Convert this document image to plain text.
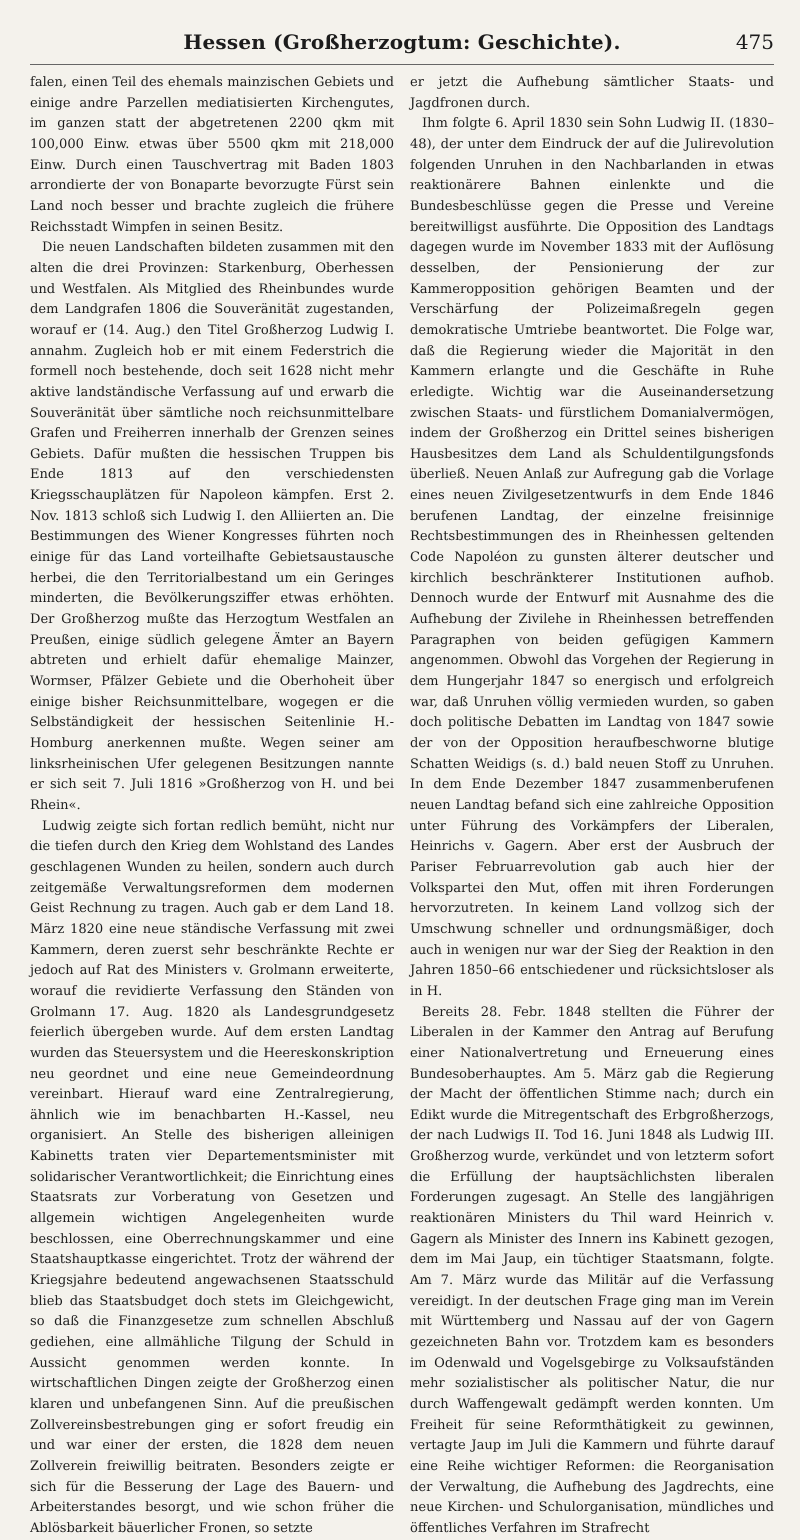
Hessen (Großherzogtum: Geschichte).	475

falen, einen Teil des ehemals mainzischen Gebiets und einige andre Parzellen mediatisierten Kirchengutes, im ganzen statt der abgetretenen 2200 qkm mit 100,000 Einw. etwas über 5500 qkm mit 218,000 Einw. Durch einen Tauschvertrag mit Baden 1803 arrondierte der von Bonaparte bevorzugte Fürst sein Land noch besser und brachte zugleich die frühere Reichsstadt Wimpfen in seinen Besitz.

Die neuen Landschaften bildeten zusammen mit den alten die drei Provinzen: Starkenburg, Oberhessen und Westfalen. Als Mitglied des Rheinbundes wurde dem Landgrafen 1806 die Souveränität zugestanden, worauf er (14. Aug.) den Titel Großherzog Ludwig I. annahm. Zugleich hob er mit einem Federstrich die formell noch bestehende, doch seit 1628 nicht mehr aktive landständische Verfassung auf und erwarb die Souveränität über sämtliche noch reichsunmittelbare Grafen und Freiherren innerhalb der Grenzen seines Gebiets. Dafür mußten die hessischen Truppen bis Ende 1813 auf den verschiedensten Kriegsschauplätzen für Napoleon kämpfen. Erst 2. Nov. 1813 schloß sich Ludwig I. den Alliierten an. Die Bestimmungen des Wiener Kongresses führten noch einige für das Land vorteilhafte Gebietsaustausche herbei, die den Territorialbestand um ein Geringes minderten, die Bevölkerungsziffer etwas erhöhten. Der Großherzog mußte das Herzogtum Westfalen an Preußen, einige südlich gelegene Ämter an Bayern abtreten und erhielt dafür ehemalige Mainzer, Wormser, Pfälzer Gebiete und die Oberhoheit über einige bisher Reichsunmittelbare, wogegen er die Selbständigkeit der hessischen Seitenlinie H.-Homburg anerkennen mußte. Wegen seiner am linksrheinischen Ufer gelegenen Besitzungen nannte er sich seit 7. Juli 1816 »Großherzog von H. und bei Rhein«.

Ludwig zeigte sich fortan redlich bemüht, nicht nur die tiefen durch den Krieg dem Wohlstand des Landes geschlagenen Wunden zu heilen, sondern auch durch zeitgemäße Verwaltungsreformen dem modernen Geist Rechnung zu tragen. Auch gab er dem Land 18. März 1820 eine neue ständische Verfassung mit zwei Kammern, deren zuerst sehr beschränkte Rechte er jedoch auf Rat des Ministers v. Grolmann erweiterte, worauf die revidierte Verfassung den Ständen von Grolmann 17. Aug. 1820 als Landesgrundgesetz feierlich übergeben wurde. Auf dem ersten Landtag wurden das Steuersystem und die Heereskonskription neu geordnet und eine neue Gemeindeordnung vereinbart. Hierauf ward eine Zentralregierung, ähnlich wie im benachbarten H.-Kassel, neu organisiert. An Stelle des bisherigen alleinigen Kabinetts traten vier Departementsminister mit solidarischer Verantwortlichkeit; die Einrichtung eines Staatsrats zur Vorberatung von Gesetzen und allgemein wichtigen Angelegenheiten wurde beschlossen, eine Oberrechnungskammer und eine Staatshauptkasse eingerichtet. Trotz der während der Kriegsjahre bedeutend angewachsenen Staatsschuld blieb das Staatsbudget doch stets im Gleichgewicht, so daß die Finanzgesetze zum schnellen Abschluß gediehen, eine allmähliche Tilgung der Schuld in Aussicht genommen werden konnte. In wirtschaftlichen Dingen zeigte der Großherzog einen klaren und unbefangenen Sinn. Auf die preußischen Zollvereinsbestrebungen ging er sofort freudig ein und war einer der ersten, die 1828 dem neuen Zollverein freiwillig beitraten. Besonders zeigte er sich für die Besserung der Lage des Bauern- und Arbeiterstandes besorgt, und wie schon früher die Ablösbarkeit bäuerlicher Fronen, so setzte

er jetzt die Aufhebung sämtlicher Staats- und Jagdfronen durch.

Ihm folgte 6. April 1830 sein Sohn Ludwig II. (1830–48), der unter dem Eindruck der auf die Julirevolution folgenden Unruhen in den Nachbarlanden in etwas reaktionärere Bahnen einlenkte und die Bundesbeschlüsse gegen die Presse und Vereine bereitwilligst ausführte. Die Opposition des Landtags dagegen wurde im November 1833 mit der Auflösung desselben, der Pensionierung der zur Kammeropposition gehörigen Beamten und der Verschärfung der Polizeimaßregeln gegen demokratische Umtriebe beantwortet. Die Folge war, daß die Regierung wieder die Majorität in den Kammern erlangte und die Geschäfte in Ruhe erledigte. Wichtig war die Auseinandersetzung zwischen Staats- und fürstlichem Domanialvermögen, indem der Großherzog ein Drittel seines bisherigen Hausbesitzes dem Land als Schuldentilgungsfonds überließ. Neuen Anlaß zur Aufregung gab die Vorlage eines neuen Zivilgesetzentwurfs in dem Ende 1846 berufenen Landtag, der einzelne freisinnige Rechtsbestimmungen des in Rheinhessen geltenden Code Napoléon zu gunsten älterer deutscher und kirchlich beschränkterer Institutionen aufhob. Dennoch wurde der Entwurf mit Ausnahme des die Aufhebung der Zivilehe in Rheinhessen betreffenden Paragraphen von beiden gefügigen Kammern angenommen. Obwohl das Vorgehen der Regierung in dem Hungerjahr 1847 so energisch und erfolgreich war, daß Unruhen völlig vermieden wurden, so gaben doch politische Debatten im Landtag von 1847 sowie der von der Opposition heraufbeschworne blutige Schatten Weidigs (s. d.) bald neuen Stoff zu Unruhen. In dem Ende Dezember 1847 zusammenberufenen neuen Landtag befand sich eine zahlreiche Opposition unter Führung des Vorkämpfers der Liberalen, Heinrichs v. Gagern. Aber erst der Ausbruch der Pariser Februarrevolution gab auch hier der Volkspartei den Mut, offen mit ihren Forderungen hervorzutreten. In keinem Land vollzog sich der Umschwung schneller und ordnungsmäßiger, doch auch in wenigen nur war der Sieg der Reaktion in den Jahren 1850–66 entschiedener und rücksichtsloser als in H.

Bereits 28. Febr. 1848 stellten die Führer der Liberalen in der Kammer den Antrag auf Berufung einer Nationalvertretung und Erneuerung eines Bundesoberhauptes. Am 5. März gab die Regierung der Macht der öffentlichen Stimme nach; durch ein Edikt wurde die Mitregentschaft des Erbgroßherzogs, der nach Ludwigs II. Tod 16. Juni 1848 als Ludwig III. Großherzog wurde, verkündet und von letzterm sofort die Erfüllung der hauptsächlichsten liberalen Forderungen zugesagt. An Stelle des langjährigen reaktionären Ministers du Thil ward Heinrich v. Gagern als Minister des Innern ins Kabinett gezogen, dem im Mai Jaup, ein tüchtiger Staatsmann, folgte. Am 7. März wurde das Militär auf die Verfassung vereidigt. In der deutschen Frage ging man im Verein mit Württemberg und Nassau auf der von Gagern gezeichneten Bahn vor. Trotzdem kam es besonders im Odenwald und Vogelsgebirge zu Volksaufständen mehr sozialistischer als politischer Natur, die nur durch Waffengewalt gedämpft werden konnten. Um Freiheit für seine Reformthätigkeit zu gewinnen, vertagte Jaup im Juli die Kammern und führte darauf eine Reihe wichtiger Reformen: die Reorganisation der Verwaltung, die Aufhebung des Jagdrechts, eine neue Kirchen- und Schulorganisation, mündliches und öffentliches Verfahren im Strafrecht
